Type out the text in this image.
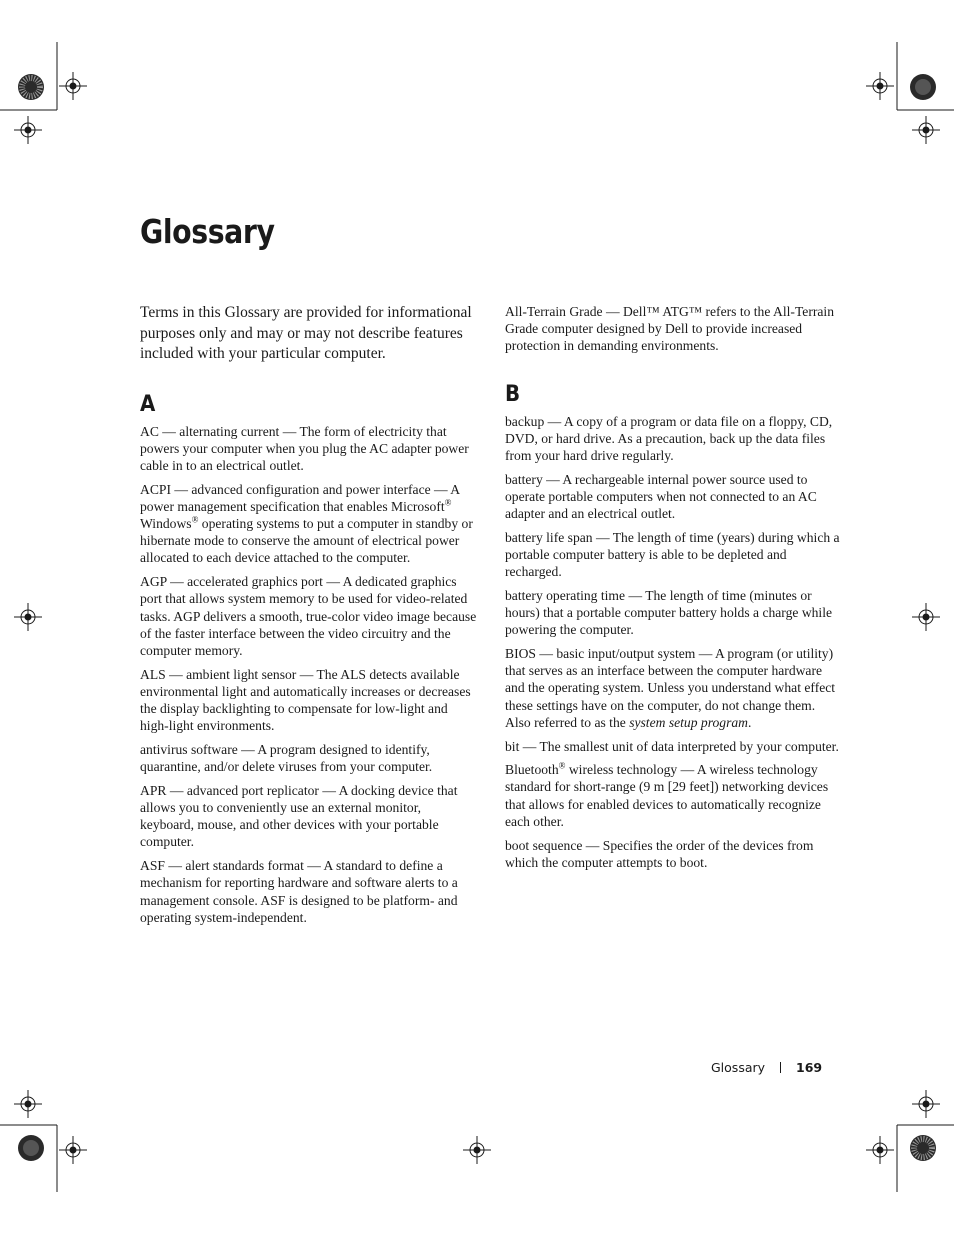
Glossary

Terms in this Glossary are provided for informational purposes only and may or may not describe features included with your particular computer.

A

AC — alternating current — The form of electricity that powers your computer when you plug the AC adapter power cable in to an electrical outlet.

ACPI — advanced configuration and power interface — A power management specification that enables Microsoft® Windows® operating systems to put a computer in standby or hibernate mode to conserve the amount of electrical power allocated to each device attached to the computer.

AGP — accelerated graphics port — A dedicated graphics port that allows system memory to be used for video-related tasks. AGP delivers a smooth, true-color video image because of the faster interface between the video circuitry and the computer memory.

ALS — ambient light sensor — The ALS detects available environmental light and automatically increases or decreases the display backlighting to compensate for low-light and high-light environments.

antivirus software — A program designed to identify, quarantine, and/or delete viruses from your computer.

APR — advanced port replicator — A docking device that allows you to conveniently use an external monitor, keyboard, mouse, and other devices with your portable computer.

ASF — alert standards format — A standard to define a mechanism for reporting hardware and software alerts to a management console. ASF is designed to be platform- and operating system-independent.

All-Terrain Grade — Dell™ ATG™ refers to the All-Terrain Grade computer designed by Dell to provide increased protection in demanding environments.

B

backup — A copy of a program or data file on a floppy, CD, DVD, or hard drive. As a precaution, back up the data files from your hard drive regularly.

battery — A rechargeable internal power source used to operate portable computers when not connected to an AC adapter and an electrical outlet.

battery life span — The length of time (years) during which a portable computer battery is able to be depleted and recharged.

battery operating time — The length of time (minutes or hours) that a portable computer battery holds a charge while powering the computer.

BIOS — basic input/output system — A program (or utility) that serves as an interface between the computer hardware and the operating system. Unless you understand what effect these settings have on the computer, do not change them. Also referred to as the system setup program.

bit — The smallest unit of data interpreted by your computer.

Bluetooth® wireless technology — A wireless technology standard for short-range (9 m [29 feet]) networking devices that allows for enabled devices to automatically recognize each other.

boot sequence — Specifies the order of the devices from which the computer attempts to boot.

Glossary 169
